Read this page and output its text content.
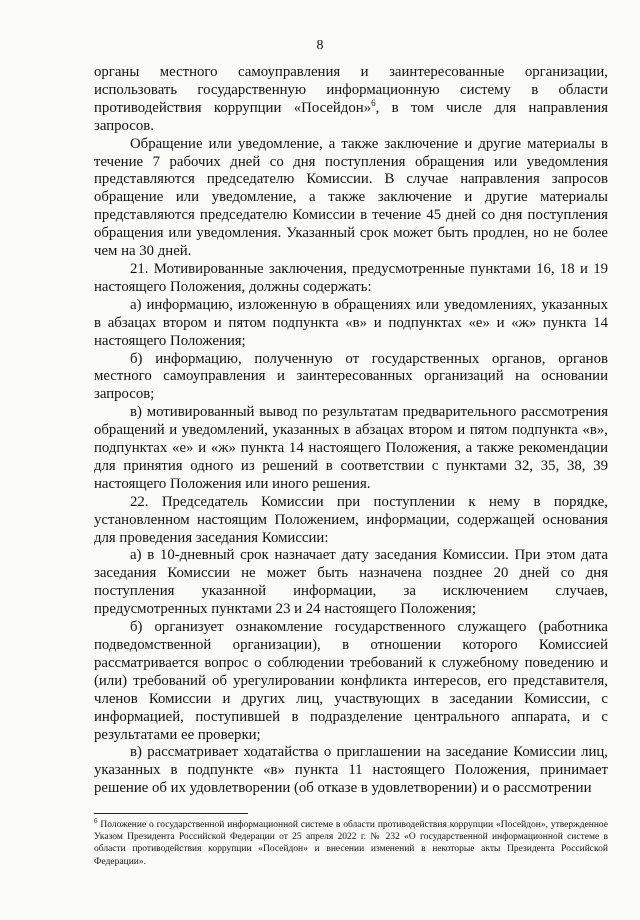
8

органы местного самоуправления и заинтересованные организации, использовать государственную информационную систему в области противодействия коррупции «Посейдон»$^6$, в том числе для направления запросов.

Обращение или уведомление, а также заключение и другие материалы в течение 7 рабочих дней со дня поступления обращения или уведомления представляются председателю Комиссии. В случае направления запросов обращение или уведомление, а также заключение и другие материалы представляются председателю Комиссии в течение 45 дней со дня поступления обращения или уведомления. Указанный срок может быть продлен, но не более чем на 30 дней.

21. Мотивированные заключения, предусмотренные пунктами 16, 18 и 19 настоящего Положения, должны содержать:

а) информацию, изложенную в обращениях или уведомлениях, указанных в абзацах втором и пятом подпункта «в» и подпунктах «е» и «ж» пункта 14 настоящего Положения;

б) информацию, полученную от государственных органов, органов местного самоуправления и заинтересованных организаций на основании запросов;

в) мотивированный вывод по результатам предварительного рассмотрения обращений и уведомлений, указанных в абзацах втором и пятом подпункта «в», подпунктах «е» и «ж» пункта 14 настоящего Положения, а также рекомендации для принятия одного из решений в соответствии с пунктами 32, 35, 38, 39 настоящего Положения или иного решения.

22. Председатель Комиссии при поступлении к нему в порядке, установленном настоящим Положением, информации, содержащей основания для проведения заседания Комиссии:

а) в 10-дневный срок назначает дату заседания Комиссии. При этом дата заседания Комиссии не может быть назначена позднее 20 дней со дня поступления указанной информации, за исключением случаев, предусмотренных пунктами 23 и 24 настоящего Положения;

б) организует ознакомление государственного служащего (работника подведомственной организации), в отношении которого Комиссией рассматривается вопрос о соблюдении требований к служебному поведению и (или) требований об урегулировании конфликта интересов, его представителя, членов Комиссии и других лиц, участвующих в заседании Комиссии, с информацией, поступившей в подразделение центрального аппарата, и с результатами ее проверки;

в) рассматривает ходатайства о приглашении на заседание Комиссии лиц, указанных в подпункте «в» пункта 11 настоящего Положения, принимает решение об их удовлетворении (об отказе в удовлетворении) и о рассмотрении

$^6$ Положение о государственной информационной системе в области противодействия коррупции «Посейдон», утвержденное Указом Президента Российской Федерации от 25 апреля 2022 г. № 232 «О государственной информационной системе в области противодействия коррупции «Посейдон» и внесении изменений в некоторые акты Президента Российской Федерации».
